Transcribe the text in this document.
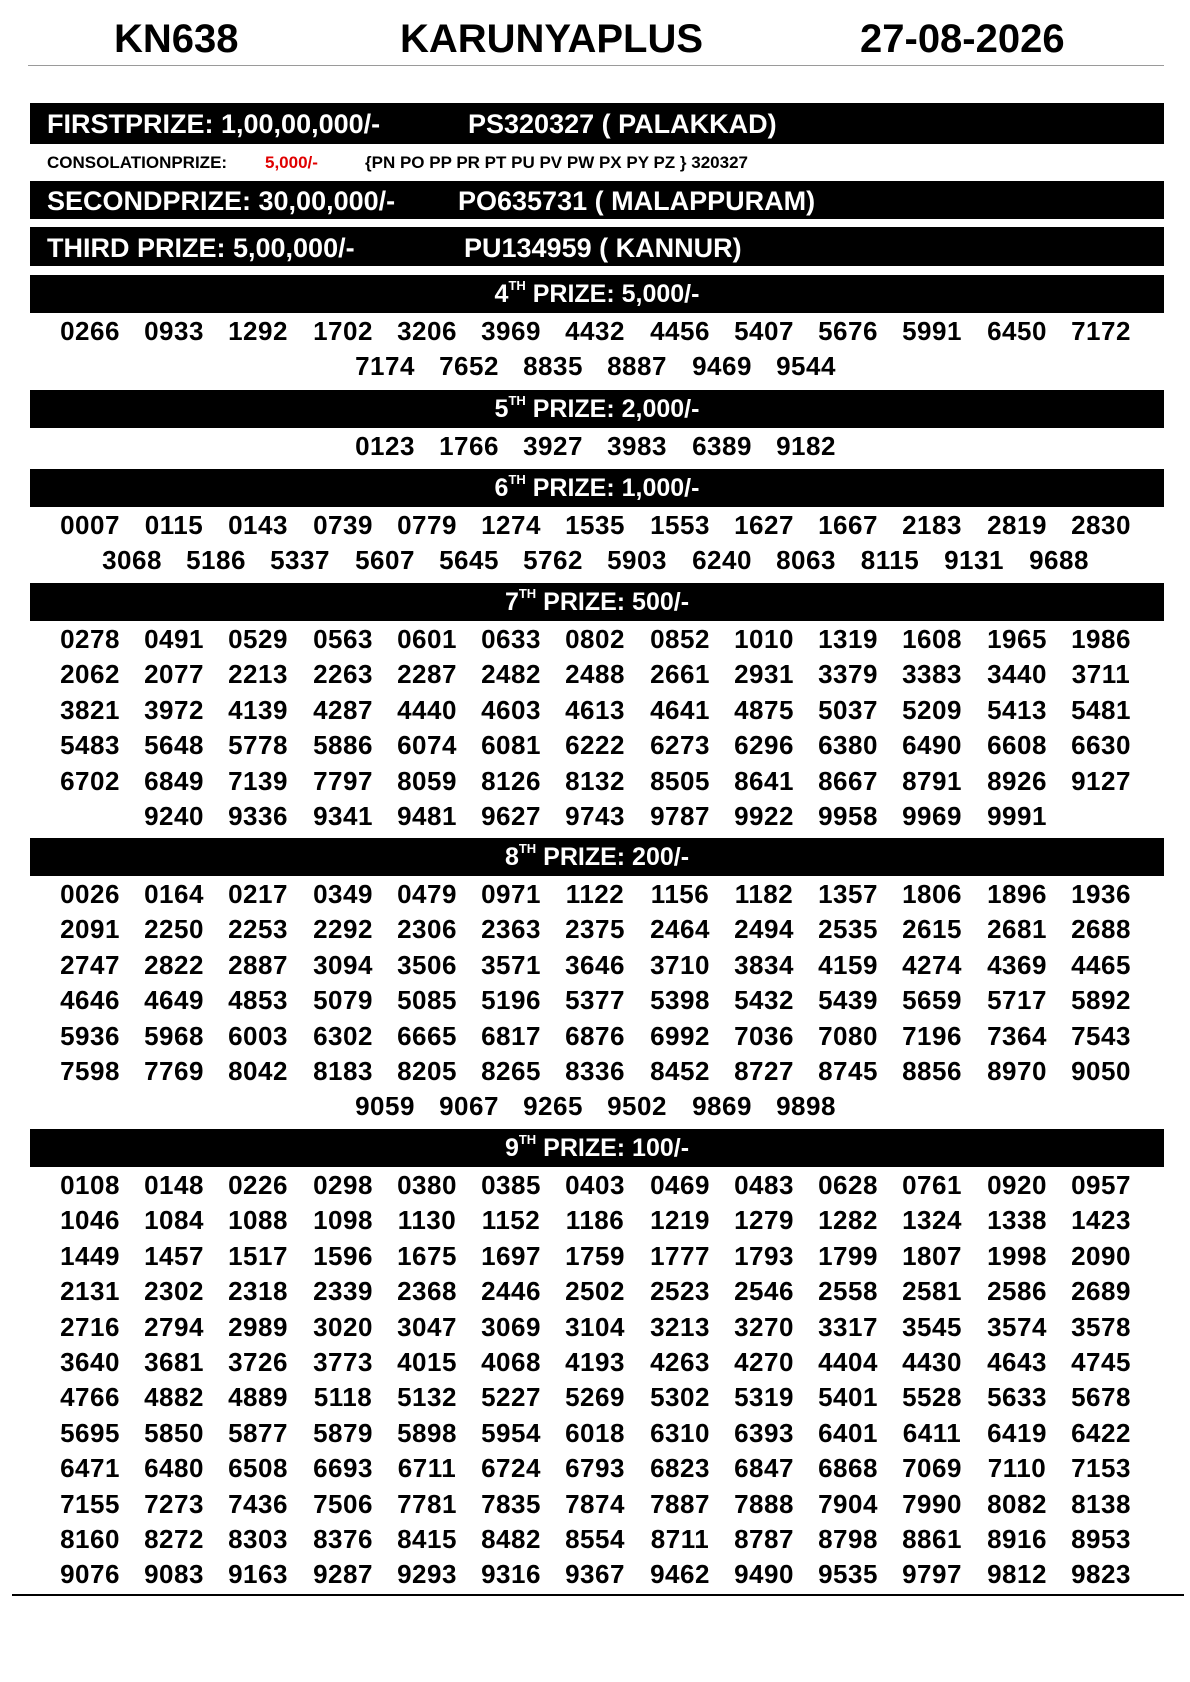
KN638	KARUNYAPLUS	27-08-2026
FIRSTPRIZE: 1,00,00,000/-	PS320327 ( PALAKKAD)
CONSOLATIONPRIZE: 5,000/-	{PN PO PP PR PT PU PV PW PX PY PZ } 320327
SECONDPRIZE: 30,00,000/- PO635731 ( MALAPPURAM)
THIRD PRIZE: 5,00,000/-	PU134959 ( KANNUR)
4TH PRIZE: 5,000/-
0266 0933 1292 1702 3206 3969 4432 4456 5407 5676 5991 6450 7172
7174 7652 8835 8887 9469 9544
5TH PRIZE: 2,000/-
0123 1766 3927 3983 6389 9182
6TH PRIZE: 1,000/-
0007 0115 0143 0739 0779 1274 1535 1553 1627 1667 2183 2819 2830
3068 5186 5337 5607 5645 5762 5903 6240 8063 8115 9131 9688
7TH PRIZE: 500/-
0278 0491 0529 0563 0601 0633 0802 0852 1010 1319 1608 1965 1986
2062 2077 2213 2263 2287 2482 2488 2661 2931 3379 3383 3440 3711
3821 3972 4139 4287 4440 4603 4613 4641 4875 5037 5209 5413 5481
5483 5648 5778 5886 6074 6081 6222 6273 6296 6380 6490 6608 6630
6702 6849 7139 7797 8059 8126 8132 8505 8641 8667 8791 8926 9127
9240 9336 9341 9481 9627 9743 9787 9922 9958 9969 9991
8TH PRIZE: 200/-
0026 0164 0217 0349 0479 0971 1122	1156 1182 1357 1806 1896 1936
2091 2250 2253 2292 2306 2363 2375 2464 2494 2535 2615 2681 2688
2747 2822 2887 3094 3506 3571 3646 3710 3834 4159 4274 4369 4465
4646 4649 4853 5079 5085 5196 5377 5398 5432 5439 5659 5717 5892
5936 5968 6003 6302 6665 6817 6876 6992 7036 7080 7196 7364 7543
7598 7769 8042 8183 8205 8265 8336 8452 8727 8745 8856 8970 9050
9059 9067 9265 9502 9869 9898
9TH PRIZE: 100/-
0108 0148 0226 0298 0380 0385 0403 0469 0483 0628 0761 0920 0957
1046 1084 1088 1098 1130 1152 1186 1219 1279 1282 1324 1338 1423
1449 1457 1517 1596 1675 1697 1759 1777 1793 1799 1807 1998 2090
2131 2302 2318 2339 2368 2446 2502 2523 2546 2558 2581 2586 2689
2716 2794 2989 3020 3047 3069 3104 3213 3270 3317 3545 3574 3578
3640 3681 3726 3773 4015 4068 4193 4263 4270 4404 4430 4643 4745
4766 4882 4889 5118 5132 5227 5269 5302 5319 5401 5528 5633 5678
5695 5850 5877 5879 5898 5954 6018 6310 6393 6401 6411 6419 6422
6471 6480 6508 6693 6711 6724 6793 6823 6847 6868 7069 7110 7153
7155 7273 7436 7506 7781 7835 7874 7887 7888 7904 7990 8082 8138
8160 8272 8303 8376 8415 8482 8554 8711 8787 8798 8861 8916 8953
9076 9083 9163 9287 9293 9316 9367 9462 9490 9535 9797 9812 9823
